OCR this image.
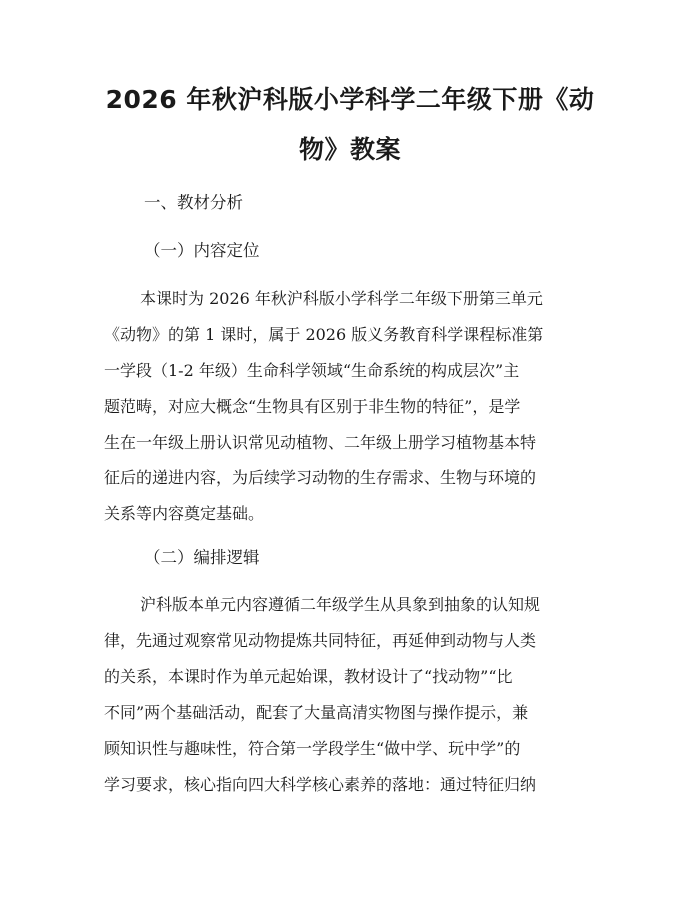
2026 年秋沪科版小学科学二年级下册《动
物》教案
一、教材分析
（一）内容定位
本课时为 2026 年秋沪科版小学科学二年级下册第三单元
《动物》的第 1 课时，属于 2026 版义务教育科学课程标准第
一学段（1-2 年级）生命科学领域“生命系统的构成层次”主
题范畴，对应大概念“生物具有区别于非生物的特征”，是学
生在一年级上册认识常见动植物、二年级上册学习植物基本特
征后的递进内容，为后续学习动物的生存需求、生物与环境的
关系等内容奠定基础。
（二）编排逻辑
沪科版本单元内容遵循二年级学生从具象到抽象的认知规
律，先通过观察常见动物提炼共同特征，再延伸到动物与人类
的关系，本课时作为单元起始课，教材设计了“找动物”“比
不同”两个基础活动，配套了大量高清实物图与操作提示，兼
顾知识性与趣味性，符合第一学段学生“做中学、玩中学”的
学习要求，核心指向四大科学核心素养的落地：通过特征归纳
